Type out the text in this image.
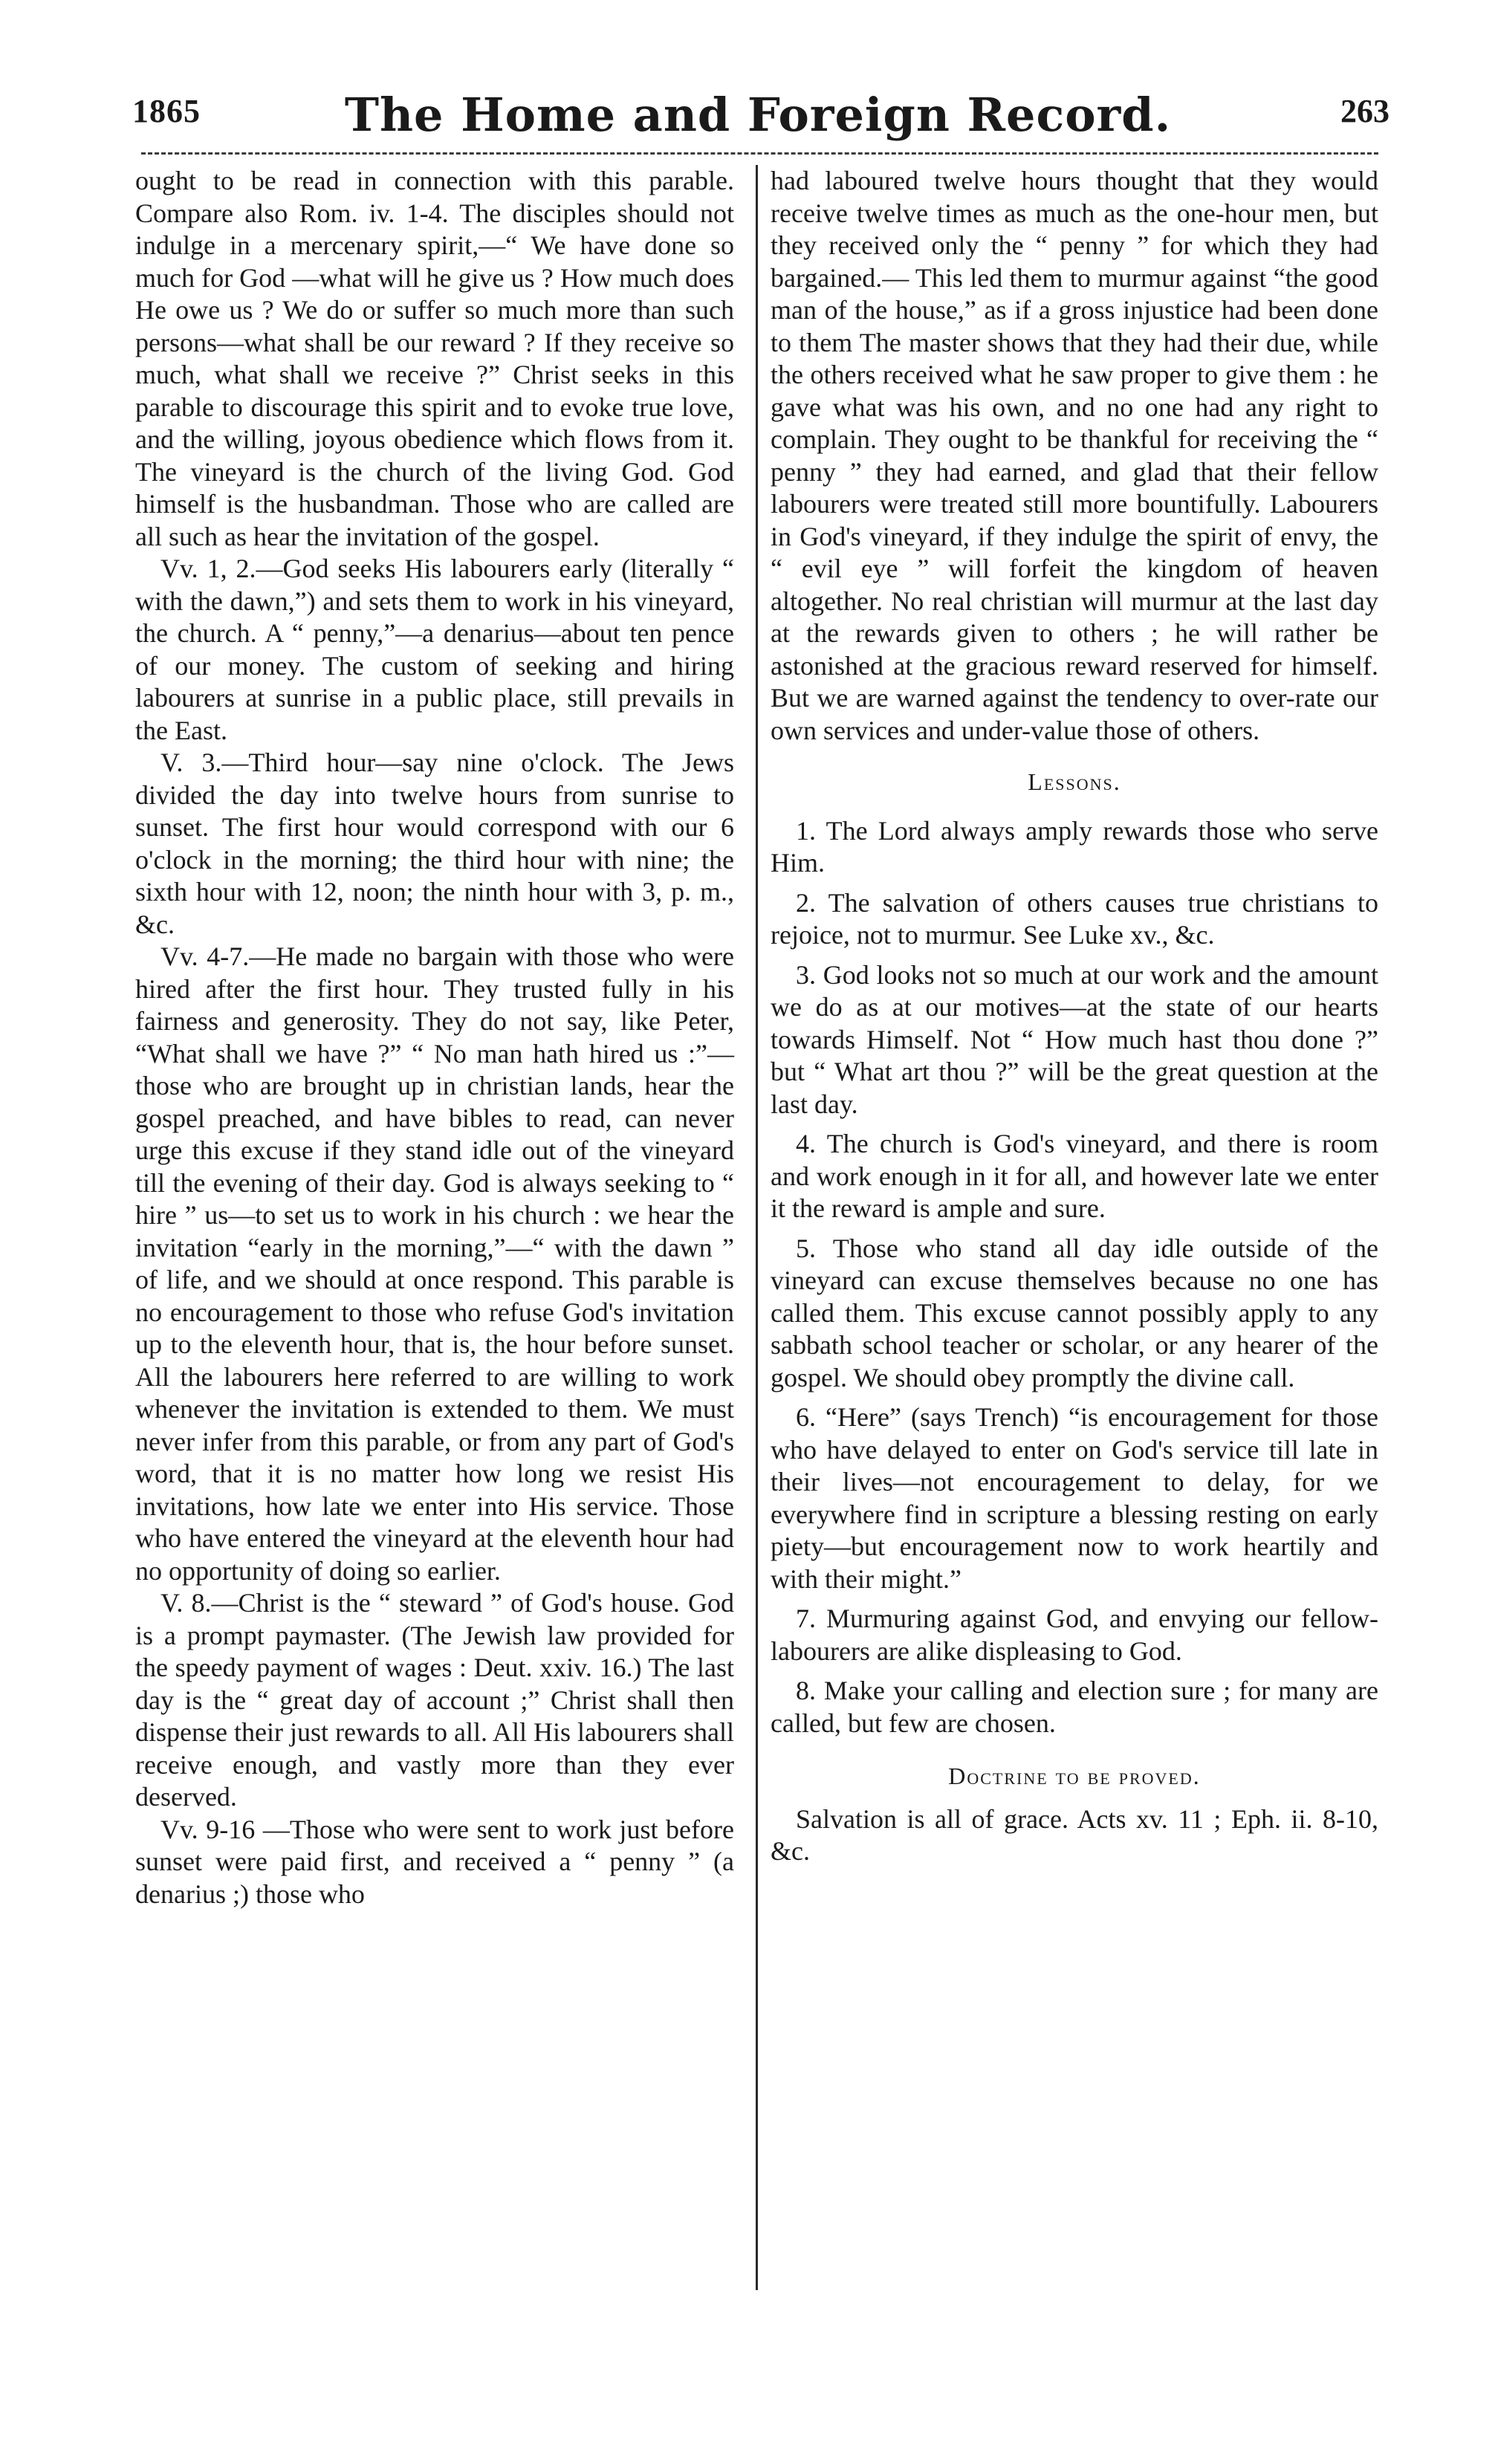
1865	The Home and Foreign Record.	263

ought to be read in connection with this parable. Compare also Rom. iv. 1-4. The disciples should not indulge in a mercenary spirit,—“ We have done so much for God —what will he give us ? How much does He owe us ? We do or suffer so much more than such persons—what shall be our reward ? If they receive so much, what shall we receive ?” Christ seeks in this parable to discourage this spirit and to evoke true love, and the willing, joyous obedience which flows from it. The vineyard is the church of the living God. God himself is the husbandman. Those who are called are all such as hear the invitation of the gospel.

Vv. 1, 2.—God seeks His labourers early (literally “ with the dawn,”) and sets them to work in his vineyard, the church. A “ penny,”—a denarius—about ten pence of our money. The custom of seeking and hiring labourers at sunrise in a public place, still prevails in the East.

V. 3.—Third hour—say nine o'clock. The Jews divided the day into twelve hours from sunrise to sunset. The first hour would correspond with our 6 o'clock in the morning; the third hour with nine; the sixth hour with 12, noon; the ninth hour with 3, p. m., &c.

Vv. 4-7.—He made no bargain with those who were hired after the first hour. They trusted fully in his fairness and generosity. They do not say, like Peter, “What shall we have ?” “ No man hath hired us :”—those who are brought up in christian lands, hear the gospel preached, and have bibles to read, can never urge this excuse if they stand idle out of the vineyard till the evening of their day. God is always seeking to “ hire ” us—to set us to work in his church : we hear the invitation “early in the morning,”—“ with the dawn ” of life, and we should at once respond. This parable is no encouragement to those who refuse God's invitation up to the eleventh hour, that is, the hour before sunset. All the labourers here referred to are willing to work whenever the invitation is extended to them. We must never infer from this parable, or from any part of God's word, that it is no matter how long we resist His invitations, how late we enter into His service. Those who have entered the vineyard at the eleventh hour had no opportunity of doing so earlier.

V. 8.—Christ is the “ steward ” of God's house. God is a prompt paymaster. (The Jewish law provided for the speedy payment of wages : Deut. xxiv. 16.) The last day is the “ great day of account ;” Christ shall then dispense their just rewards to all. All His labourers shall receive enough, and vastly more than they ever deserved.

Vv. 9-16 —Those who were sent to work just before sunset were paid first, and received a “ penny ” (a denarius ;) those who

had laboured twelve hours thought that they would receive twelve times as much as the one-hour men, but they received only the “ penny ” for which they had bargained.— This led them to murmur against “the good man of the house,” as if a gross injustice had been done to them The master shows that they had their due, while the others received what he saw proper to give them : he gave what was his own, and no one had any right to complain. They ought to be thankful for receiving the “ penny ” they had earned, and glad that their fellow labourers were treated still more bountifully. Labourers in God's vineyard, if they indulge the spirit of envy, the “ evil eye ” will forfeit the kingdom of heaven altogether. No real christian will murmur at the last day at the rewards given to others ; he will rather be astonished at the gracious reward reserved for himself. But we are warned against the tendency to over-rate our own services and under-value those of others.

Lessons.

1. The Lord always amply rewards those who serve Him.

2. The salvation of others causes true christians to rejoice, not to murmur. See Luke xv., &c.

3. God looks not so much at our work and the amount we do as at our motives—at the state of our hearts towards Himself. Not “ How much hast thou done ?” but “ What art thou ?” will be the great question at the last day.

4. The church is God's vineyard, and there is room and work enough in it for all, and however late we enter it the reward is ample and sure.

5. Those who stand all day idle outside of the vineyard can excuse themselves because no one has called them. This excuse cannot possibly apply to any sabbath school teacher or scholar, or any hearer of the gospel. We should obey promptly the divine call.

6. “Here” (says Trench) “is encouragement for those who have delayed to enter on God's service till late in their lives—not encouragement to delay, for we everywhere find in scripture a blessing resting on early piety—but encouragement now to work heartily and with their might.”

7. Murmuring against God, and envying our fellow-labourers are alike displeasing to God.

8. Make your calling and election sure ; for many are called, but few are chosen.

Doctrine to be proved.

Salvation is all of grace. Acts xv. 11 ; Eph. ii. 8-10, &c.
